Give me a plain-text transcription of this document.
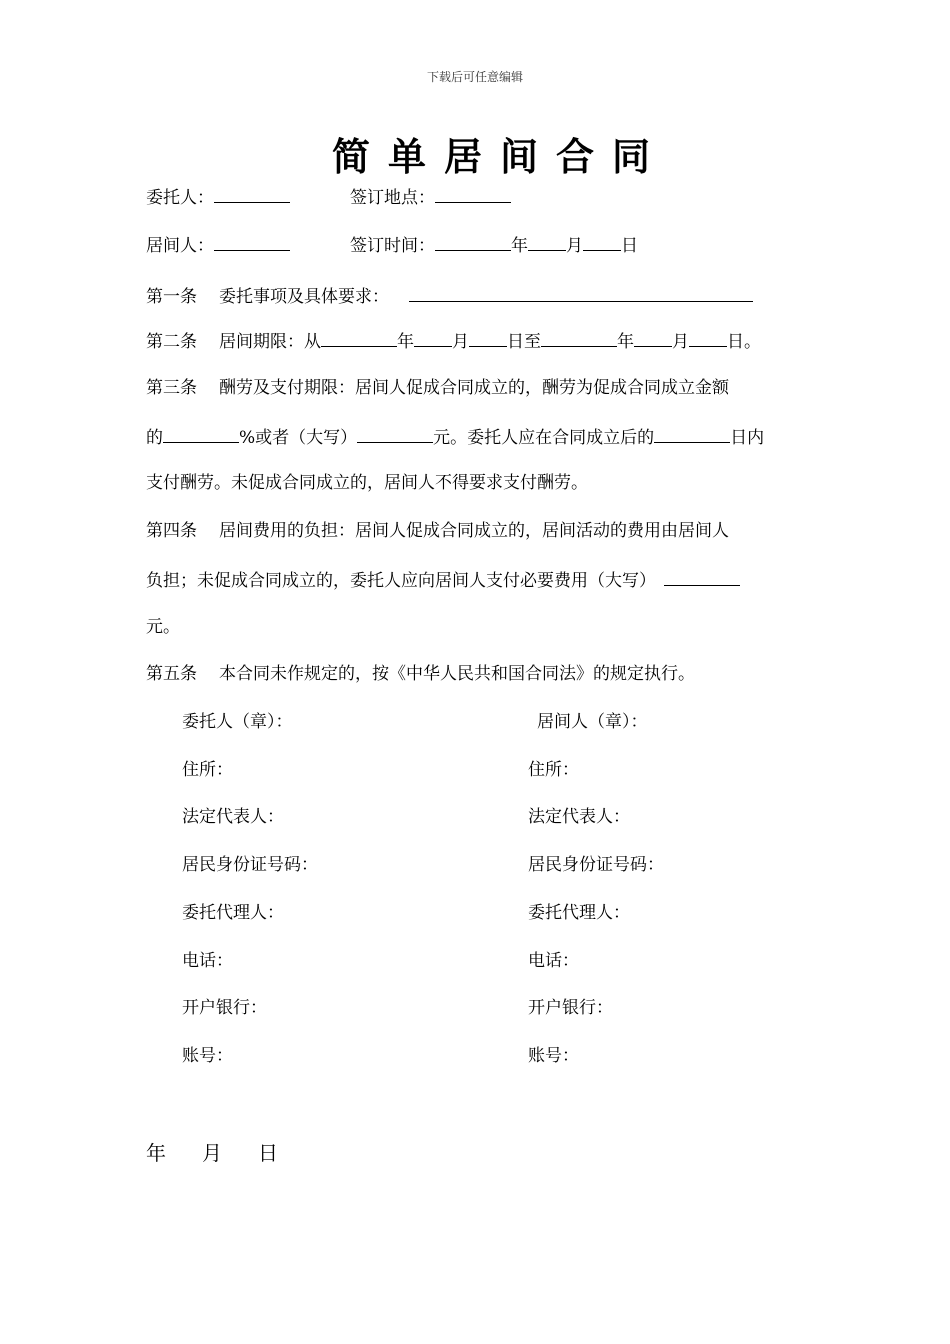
下载后可任意编辑
简单居间合同
委托人：	签订地点：
居间人：	签订时间：	年 月 日
第一条 委托事项及具体要求：
第二条 居间期限：从	年 月 日至	年 月 日。
第三条 酬劳及支付期限：居间人促成合同成立的，酬劳为促成合同成立金额
的	%或者（大写）	元。委托人应在合同成立后的	日内
支付酬劳。未促成合同成立的，居间人不得要求支付酬劳。
第四条 居间费用的负担：居间人促成合同成立的，居间活动的费用由居间人
负担；未促成合同成立的，委托人应向居间人支付必要费用（大写）
元。
第五条 本合同未作规定的，按《中华人民共和国合同法》的规定执行。
委托人（章）：	居间人（章）：
住所：	住所：
法定代表人：	法定代表人：
居民身份证号码：	居民身份证号码：
委托代理人：	委托代理人：
电话：	电话：
开户银行：	开户银行：
账号：	账号：
年 月 日
